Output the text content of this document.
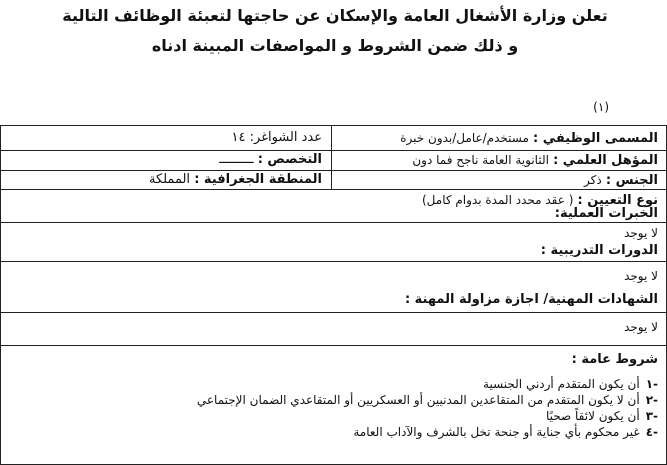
تعلن وزارة الأشغال العامة والإسكان عن حاجتها لتعبئة الوظائف التالية
و ذلك ضمن الشروط و المواصفات المبينة ادناه
(١)
المسمى الوظيفي : مستخدم/عامل/بدون خبرة
عدد الشواغر: ١٤
المؤهل العلمي : الثانوية العامة ناجح فما دون
التخصص : ـــــــــ
الجنس : ذكر
المنطقة الجغرافية : المملكة
نوع التعيين : ( عقد محدد المدة بدوام كامل)
الخبرات العملية:
لا يوجد
الدورات التدريبية :
لا يوجد
الشهادات المهنية/ اجازة مزاولة المهنة :
لا يوجد
شروط عامة :
-١أن يكون المتقدم أردني الجنسية
-٢أن لا يكون المتقدم من المتقاعدين المدنيين أو العسكريين أو المتقاعدي الضمان الإجتماعي
-٣أن يكون لائقاً صحيًا
-٤غير محكوم بأي جناية أو جنحة تخل بالشرف والآداب العامة
